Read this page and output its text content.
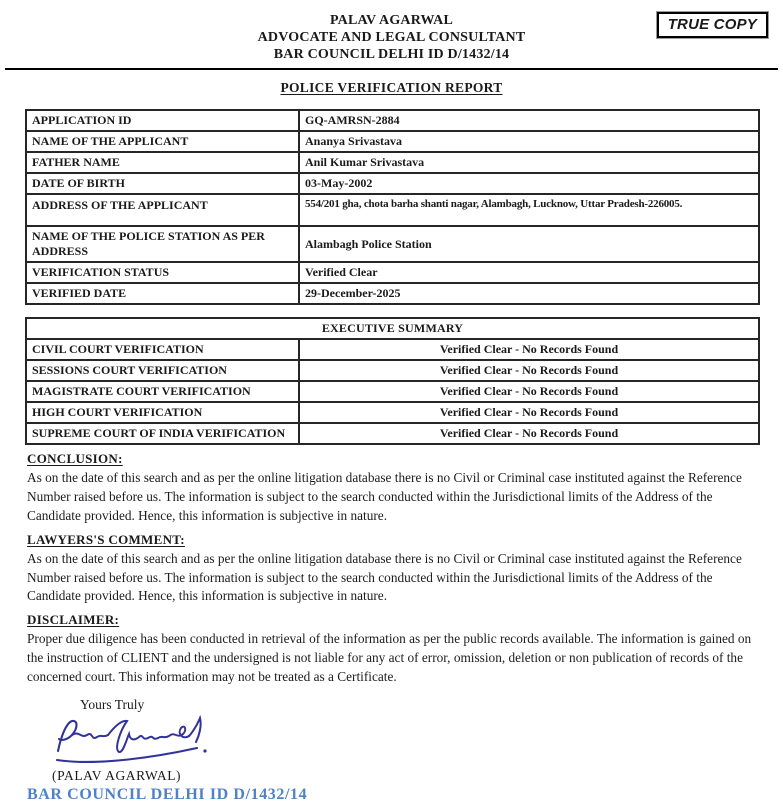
TRUE COPY
PALAV AGARWAL
ADVOCATE AND LEGAL CONSULTANT
BAR COUNCIL DELHI ID D/1432/14
POLICE VERIFICATION REPORT
APPLICATION ID	GQ-AMRSN-2884
NAME OF THE APPLICANT	Ananya Srivastava
FATHER NAME	Anil Kumar Srivastava
DATE OF BIRTH	03-May-2002
ADDRESS OF THE APPLICANT	554/201 gha, chota barha shanti nagar, Alambagh, Lucknow, Uttar Pradesh-226005.
NAME OF THE POLICE STATION AS PER ADDRESS	Alambagh Police Station
VERIFICATION STATUS	Verified Clear
VERIFIED DATE	29-December-2025
EXECUTIVE SUMMARY	
CIVIL COURT VERIFICATION	Verified Clear - No Records Found
SESSIONS COURT VERIFICATION	Verified Clear - No Records Found
MAGISTRATE COURT VERIFICATION	Verified Clear - No Records Found
HIGH COURT VERIFICATION	Verified Clear - No Records Found
SUPREME COURT OF INDIA VERIFICATION	Verified Clear - No Records Found
CONCLUSION:
As on the date of this search and as per the online litigation database there is no Civil or Criminal case instituted against the Reference Number raised before us. The information is subject to the search conducted within the Jurisdictional limits of the Address of the Candidate provided. Hence, this information is subjective in nature.
LAWYERS'S COMMENT:
As on the date of this search and as per the online litigation database there is no Civil or Criminal case instituted against the Reference Number raised before us. The information is subject to the search conducted within the Jurisdictional limits of the Address of the Candidate provided. Hence, this information is subjective in nature.
DISCLAIMER:
Proper due diligence has been conducted in retrieval of the information as per the public records available. The information is gained on the instruction of CLIENT and the undersigned is not liable for any act of error, omission, deletion or non publication of records of the concerned court. This information may not be treated as a Certificate.
Yours Truly
(PALAV AGARWAL)
BAR COUNCIL DELHI ID D/1432/14
